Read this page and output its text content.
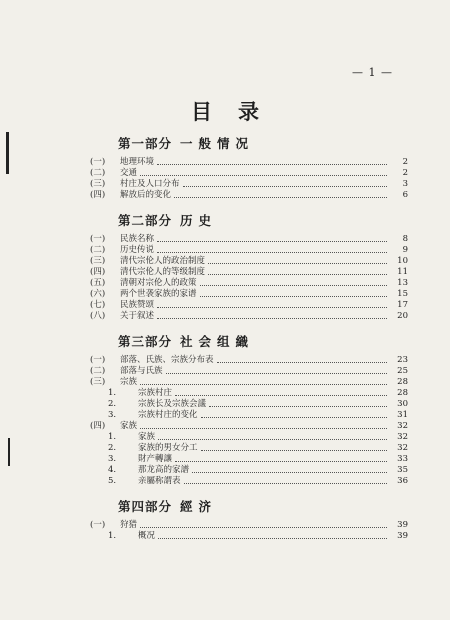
— 1 —
目录
第一部分 一般情况
(一)	地理环境	2
(二)	交通	2
(三)	村庄及人口分布	3
(四)	解放后的变化	6
第二部分 历史
(一)	民族名称	8
(二)	历史传说	9
(三)	清代宗伦人的政治制度	10
(四)	清代宗伦人的等级制度	11
(五)	清朝对宗伦人的政策	13
(六)	两个世袭家族的家谱	15
(七)	民族赞颂	17
(八)	关于叙述	20
第三部分 社会组織
(一)	部落、氏族、宗族分布表	23
(二)	部落与氏族	25
(三)	宗族	28
1.	宗族村庄	28
2.	宗族长及宗族会議	30
3.	宗族村庄的变化	31
(四)	家族	32
1.	家族	32
2.	家族的男女分工	32
3.	財产轉讓	33
4.	那龙高的家譜	35
5.	亲屬称謂表	36
第四部分 經济
(一)	狩猎	39
1.	概况	39
